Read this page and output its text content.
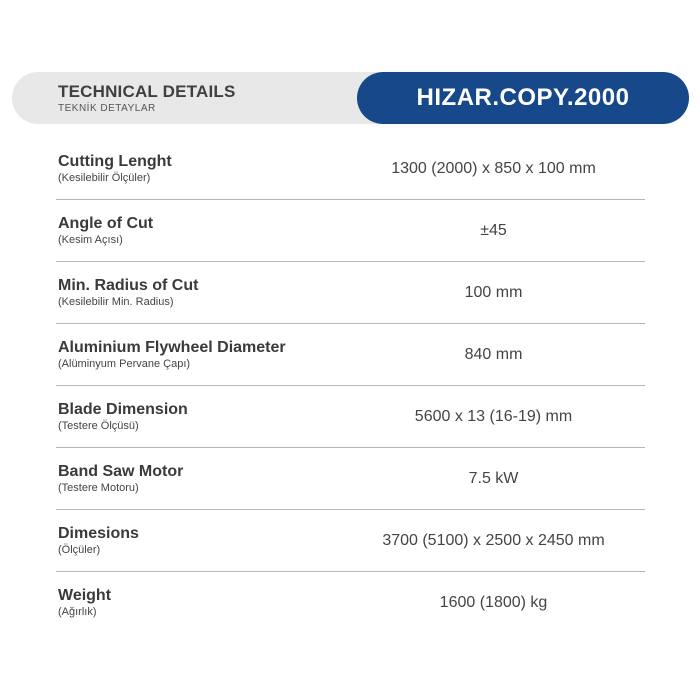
TECHNICAL DETAILS
TEKNİK DETAYLAR	HIZAR.COPY.2000
Cutting Lenght
(Kesilebilir Ölçüler)
1300 (2000) x 850 x 100 mm
Angle of Cut
(Kesim Açısı)
±45
Min. Radius of Cut
(Kesilebilir Min. Radius)
100 mm
Aluminium Flywheel Diameter
(Alüminyum Pervane Çapı)
840 mm
Blade Dimension
(Testere Ölçüsü)
5600 x 13 (16-19) mm
Band Saw Motor
(Testere Motoru)
7.5 kW
Dimesions
(Ölçüler)
3700 (5100) x 2500 x 2450 mm
Weight
(Ağırlık)
1600 (1800) kg
